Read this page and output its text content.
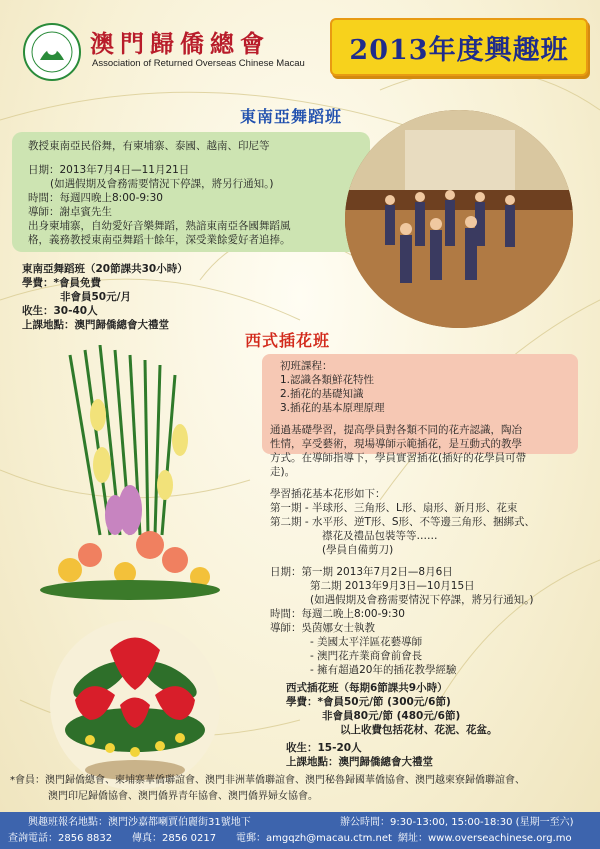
澳門歸僑總會
Association of Returned Overseas Chinese Macau 2013年度興趣班
東南亞舞蹈班
教授東南亞民俗舞，有柬埔寨、泰國、越南、印尼等
日期：2013年7月4日—11月21日
(如遇假期及會務需要情況下停課，將另行通知。)
時間：每週四晚上8:00-9:30
導師：謝卓賓先生
出身柬埔寨，自幼愛好音樂舞蹈，熟諳東南亞各國舞蹈風
格，義務教授東南亞舞蹈十餘年，深受業餘愛好者追捧。
東南亞舞蹈班（20節課共30小時）
學費：*會員免費
非會員50元/月
收生：30-40人
上課地點：澳門歸僑總會大禮堂
西式插花班
初班課程：
1.認識各類鮮花特性
2.插花的基礎知識
3.插花的基本原理原理
通過基礎學習，提高學員對各類不同的花卉認識，陶冶
性情，享受藝術，現場導師示範插花，是互動式的教學
方式。在導師指導下，學員實習插花(插好的花學員可帶
走)。
學習插花基本花形如下：
第一期 - 半球形、三角形、L形、扇形、新月形、花束
第二期 - 水平形、逆T形、S形、不等邊三角形、捆綁式、
襟花及禮品包裝等等……
(學員自備剪刀)
日期：第一期 2013年7月2日—8月6日
第二期 2013年9月3日—10月15日
(如遇假期及會務需要情況下停課，將另行通知。)
時間：每週二晚上8:00-9:30
導師：吳茵娜女士執教
- 美國太平洋區花藝導師
- 澳門花卉業商會前會長
- 擁有超過20年的插花教學經驗
西式插花班（每期6節課共9小時）
學費：*會員50元/節 (300元/6節)
非會員80元/節 (480元/6節)
以上收費包括花材、花泥、花盆。
收生：15-20人
上課地點：澳門歸僑總會大禮堂
*會員：澳門歸僑總會、柬埔寨華僑聯誼會、澳門非洲華僑聯誼會、澳門秘魯歸國華僑協會、澳門越柬寮歸僑聯誼會、
澳門印尼歸僑協會、澳門僑界青年協會、澳門僑界婦女協會。
興趣班報名地點：澳門沙嘉都喇賈伯麗街31號地下	辦公時間：9:30-13:00, 15:00-18:30 (星期一至六)
查詢電話：2856 8832 傳真：2856 0217 電郵：amgqzh@macau.ctm.net 網址：www.overseachinese.org.mo
